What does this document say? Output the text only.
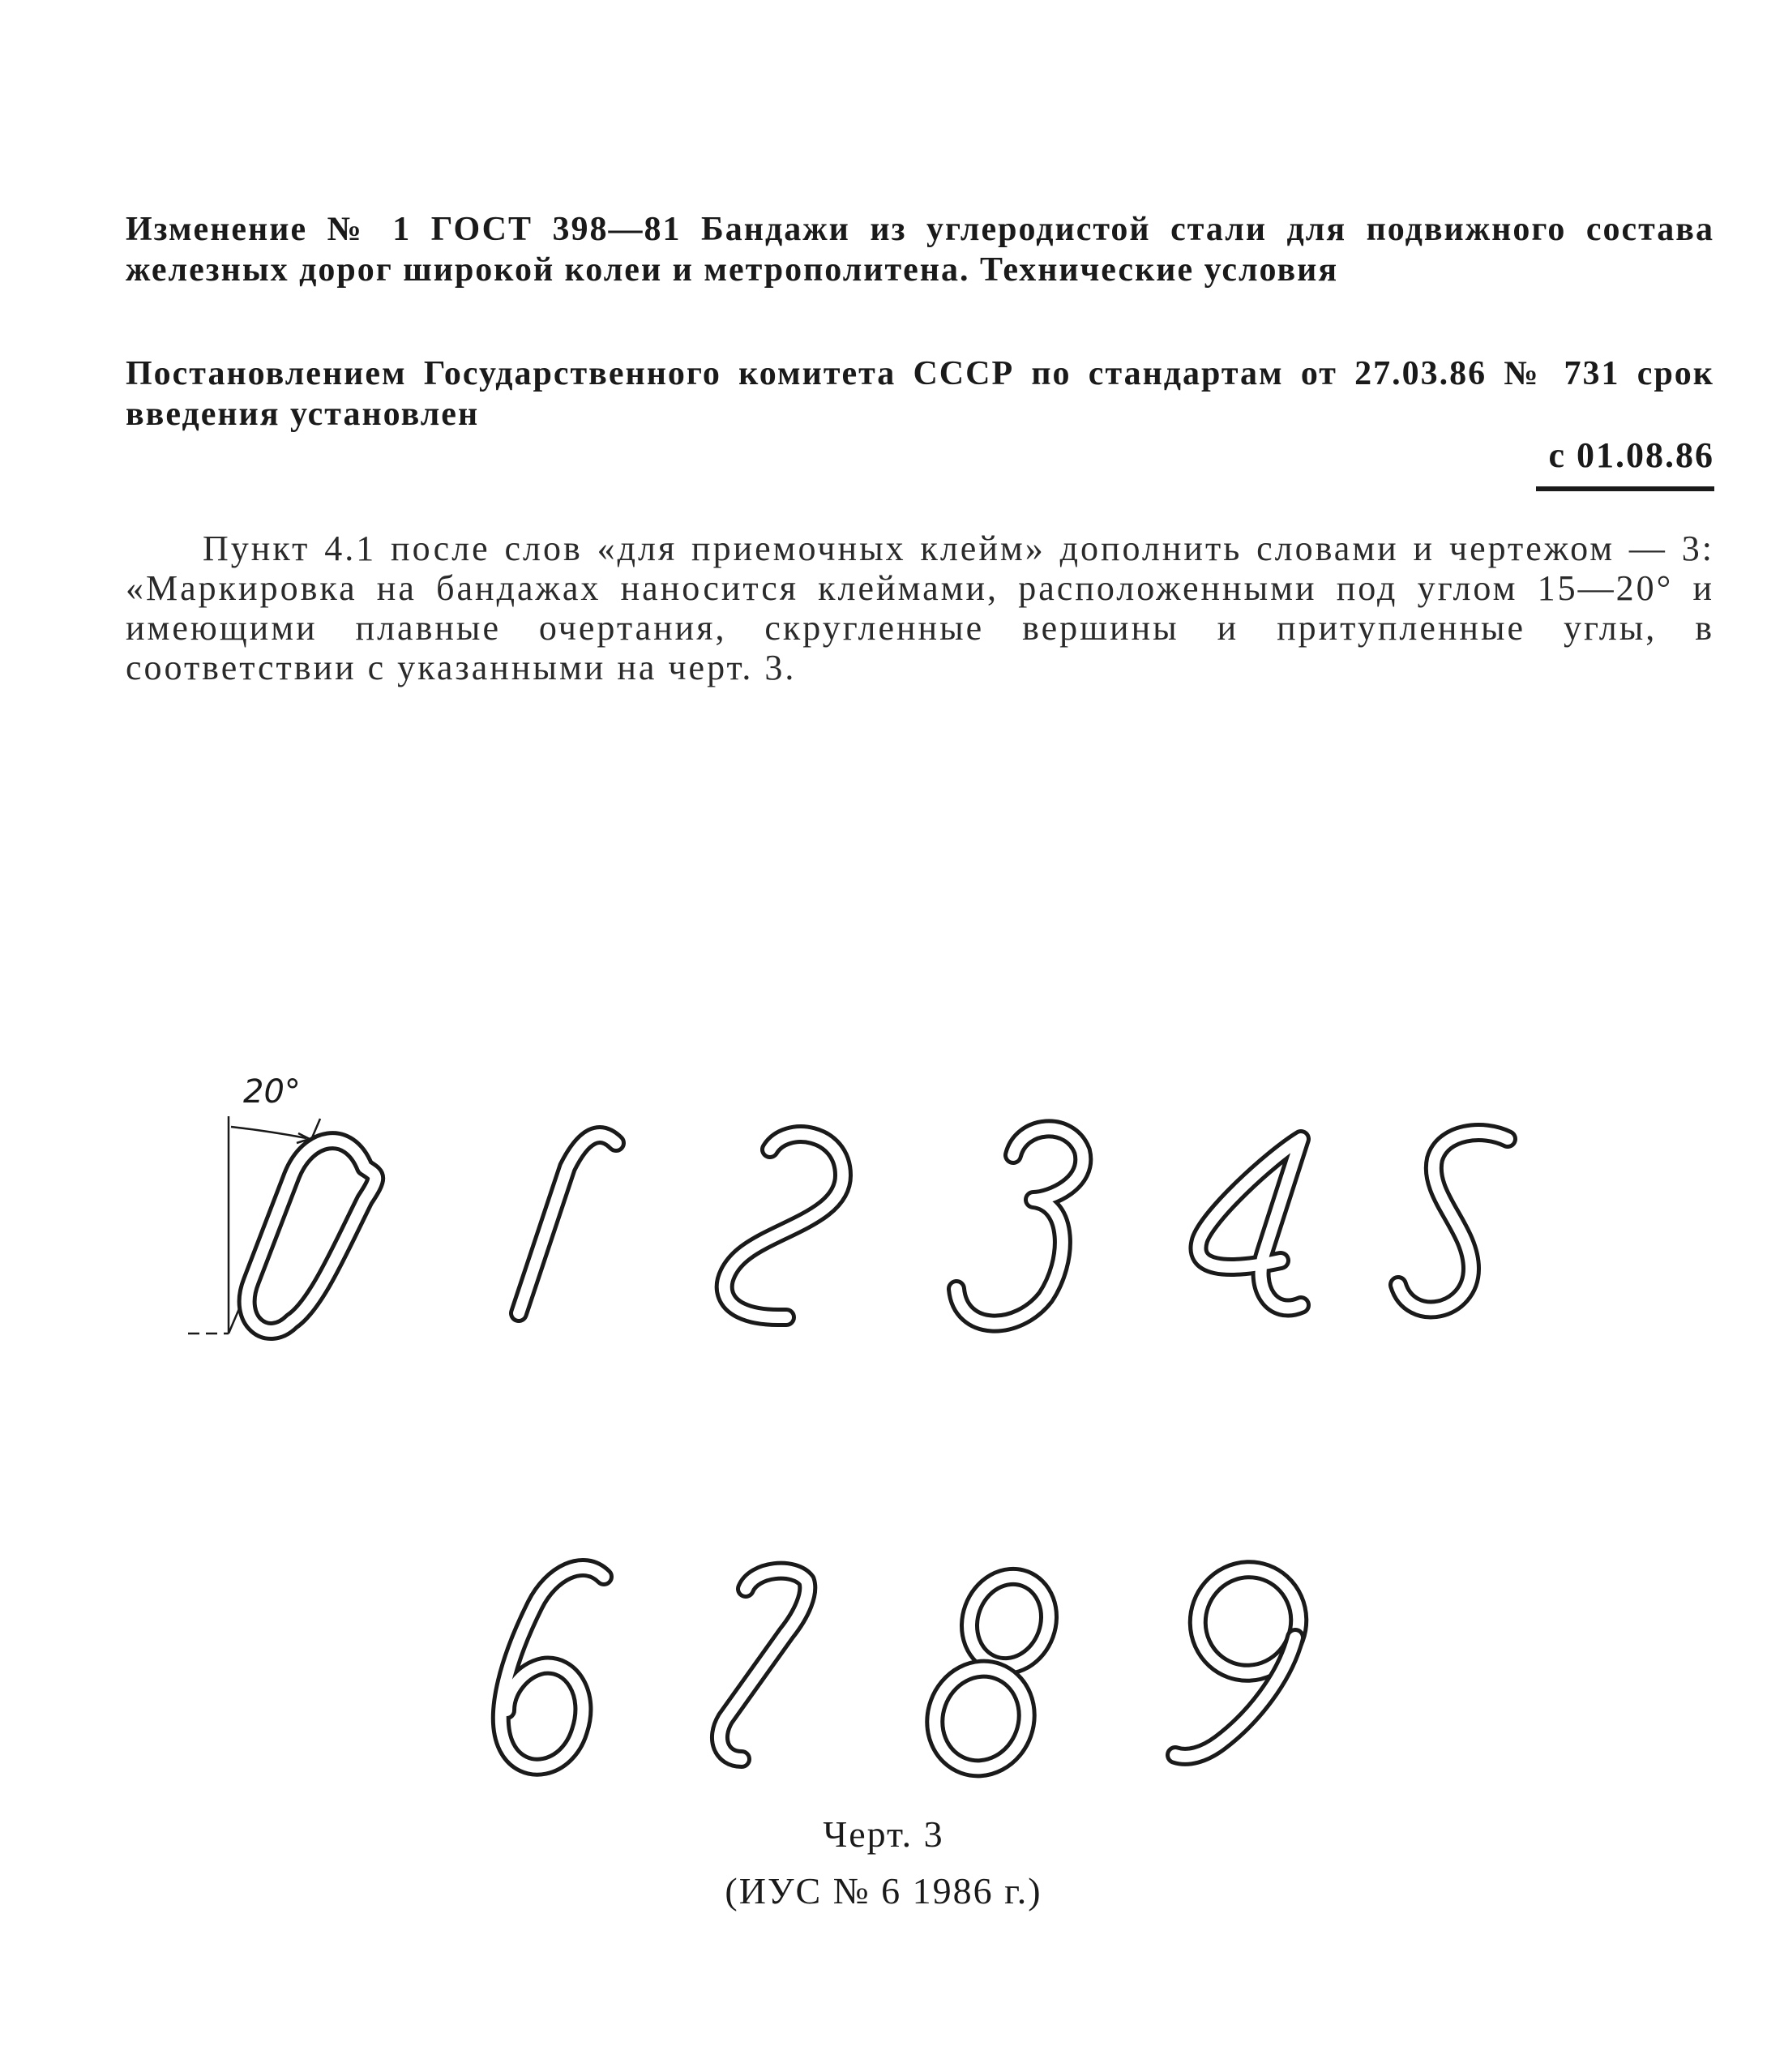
Изменение № 1 ГОСТ 398—81 Бандажи из углеродистой стали для подвижного состава железных дорог широкой колеи и метрополитена. Технические условия
Постановлением Государственного комитета СССР по стандартам от 27.03.86 № 731 срок введения установлен
с 01.08.86
Пункт 4.1 после слов «для приемочных клейм» дополнить словами и чертежом — 3: «Маркировка на бандажах наносится клеймами, расположенными под углом 15—20° и имеющими плавные очертания, скругленные вершины и притупленные углы, в соответствии с указанными на черт. 3.
20°
Черт. 3
(ИУС № 6 1986 г.)
